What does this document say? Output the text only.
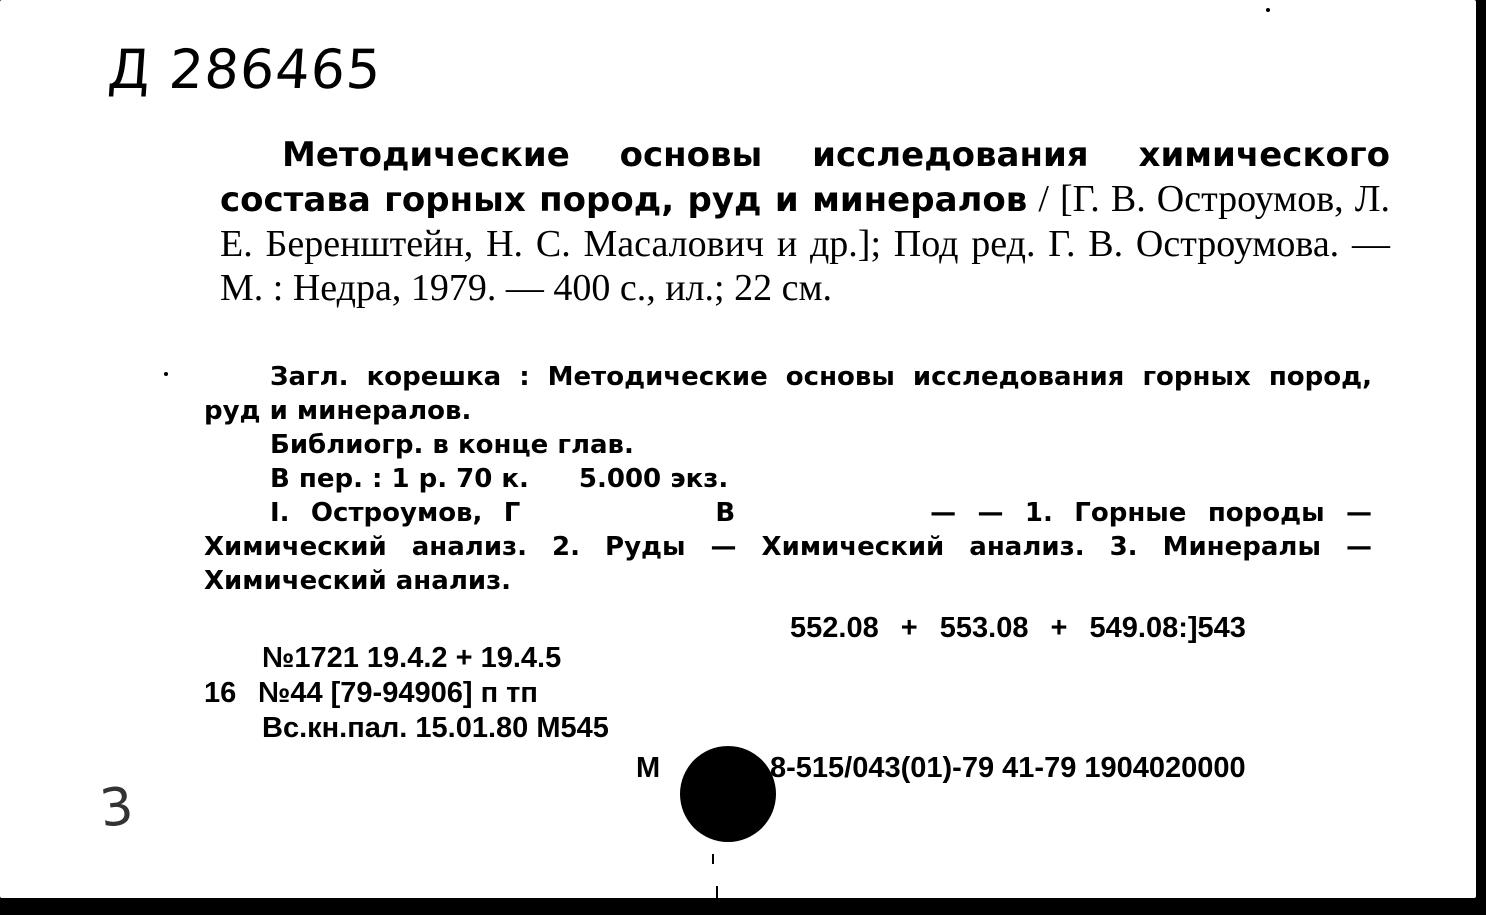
Д 286465

Методические основы исследования химического состава горных пород, руд и минералов / [Г. В. Остроумов, Л. Е. Беренштейн, Н. С. Масалович и др.]; Под ред. Г. В. Остроумова. — М. : Недра, 1979. — 400 с., ил.; 22 см.

Загл. корешка : Методические основы исследования горных пород, руд и минералов.

Библиогр. в конце глав.

В пер. : 1 р. 70 к. 5.000 экз.

I. Остроумов, Г	В	— — 1. Горные породы — Химический анализ. 2. Руды — Химический анализ. 3. Минералы — Химический анализ.

552.08 + 553.08 + 549.08:]543
№1721 19.4.2 + 19.4.5
16 №44 [79-94906] п тп
Вс.кн.пал. 15.01.80 М545
М	8-515/043(01)-79 41-79 1904020000
3
